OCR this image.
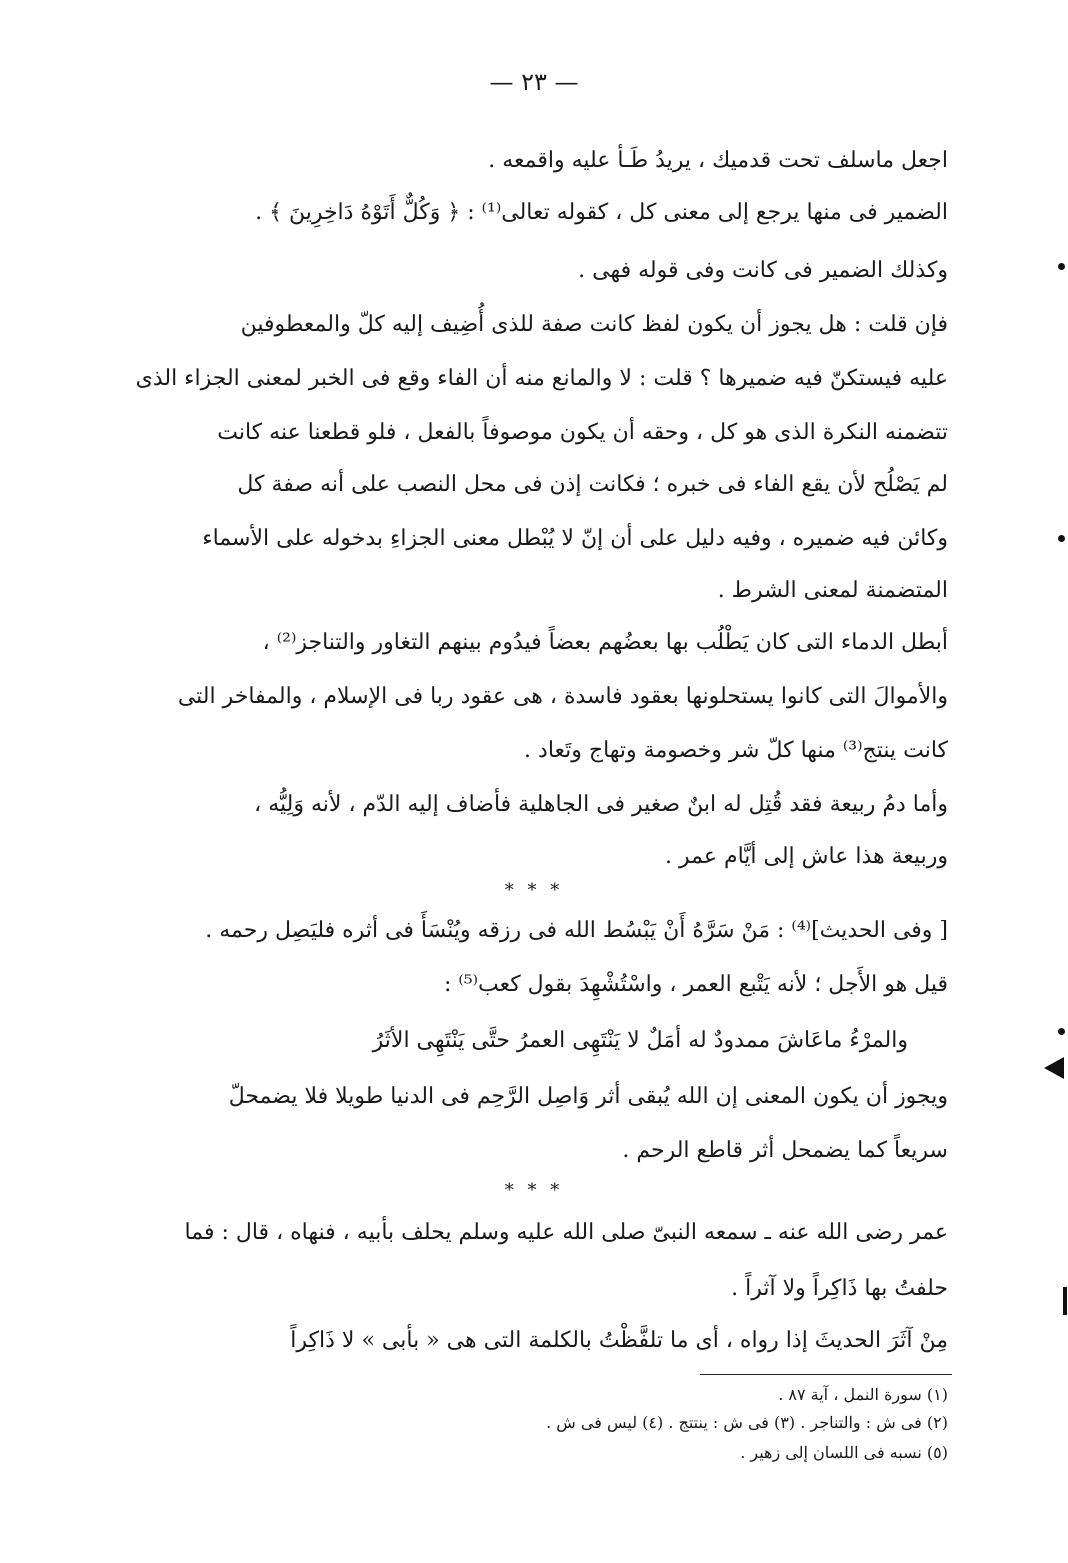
— ٢٣ —
اجعل ماسلف تحت قدميك ، يريدُ طَـأ عليه واقمعه .
الضمير فى منها يرجع إلى معنى كل ، كقوله تعالى⁽¹⁾ : ﴿ وَكُلٌّ أَتَوْهُ دَاخِرِينَ ﴾ .
وكذلك الضمير فى كانت وفى قوله فهى .
فإن قلت : هل يجوز أن يكون لفظ كانت صفة للذى أُضِيف إليه كلّ والمعطوفين
عليه فيستكنّ فيه ضميرها ؟ قلت : لا والمانع منه أن الفاء وقع فى الخبر لمعنى الجزاء الذى
تتضمنه النكرة الذى هو كل ، وحقه أن يكون موصوفاً بالفعل ، فلو قطعنا عنه كانت
لم يَصْلُح لأن يقع الفاء فى خبره ؛ فكانت إذن فى محل النصب على أنه صفة كل
وكائن فيه ضميره ، وفيه دليل على أن إنّ لا يُبْطل معنى الجزاءِ بدخوله على الأسماء
المتضمنة لمعنى الشرط .
أبطل الدماء التى كان يَطْلُب بها بعضُهم بعضاً فيدُوم بينهم التغاور والتناجز⁽²⁾ ،
والأموالَ التى كانوا يستحلونها بعقود فاسدة ، هى عقود ربا فى الإسلام ، والمفاخر التى
كانت ينتج⁽³⁾ منها كلّ شر وخصومة وتهاج وتَعاد .
وأما دمُ ربيعة فقد قُتِل له ابنٌ صغير فى الجاهلية فأضاف إليه الدّم ، لأنه وَلِيُّه ،
وربيعة هذا عاش إلى أيَّام عمر .
* * *
[ وفى الحديث]⁽⁴⁾ : مَنْ سَرَّهُ أَنْ يَبْسُط الله فى رزقه ويُنْسَأَ فى أثره فليَصِل رحمه .
قيل هو الأَجل ؛ لأنه يَتْبع العمر ، واسْتُشْهِدَ بقول كعب⁽⁵⁾ :
والمرْءُ ماعَاشَ ممدودٌ له أمَلٌ لا يَنْتَهِى العمرُ حتَّى يَنْتَهِى الأثَرُ
ويجوز أن يكون المعنى إن الله يُبقى أثر وَاصِل الرَّحِم فى الدنيا طويلا فلا يضمحلّ
سريعاً كما يضمحل أثر قاطع الرحم .
* * *
عمر رضى الله عنه ـ سمعه النبىّ صلى الله عليه وسلم يحلف بأبيه ، فنهاه ، قال : فما
حلفتُ بها ذَاكِراً ولا آثراً .
مِنْ آثَرَ الحديثَ إذا رواه ، أى ما تلفَّظْتُ بالكلمة التى هى « بأبى » لا ذَاكِراً
(١) سورة النمل ، آية ٨٧ .
(٢) فى ش : والتناجر . (٣) فى ش : ينتتج . (٤) ليس فى ش .
(٥) نسبه فى اللسان إلى زهير .
